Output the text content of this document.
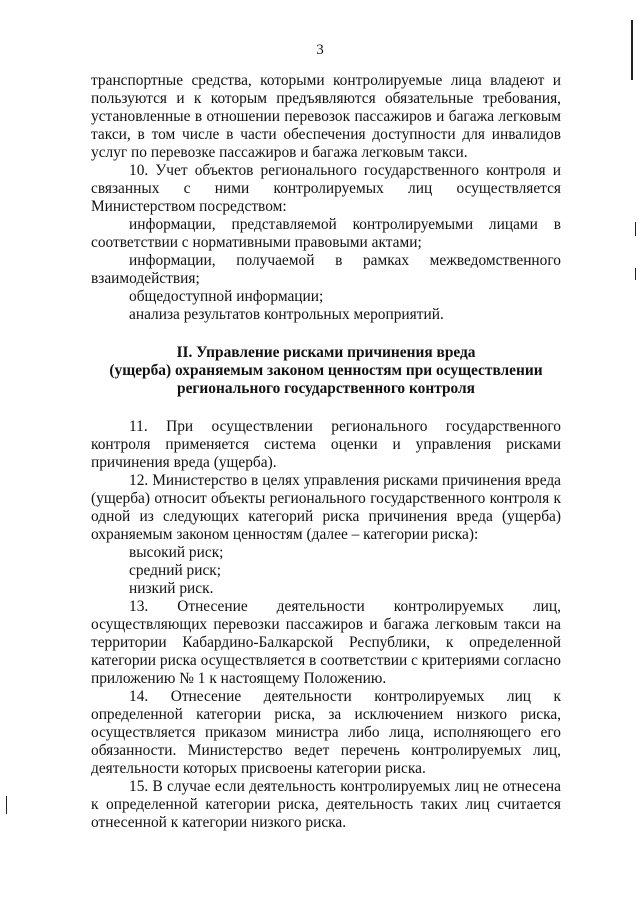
3

транспортные средства, которыми контролируемые лица владеют и пользуются и к которым предъявляются обязательные требования, установленные в отношении перевозок пассажиров и багажа легковым такси, в том числе в части обеспечения доступности для инвалидов услуг по перевозке пассажиров и багажа легковым такси.

10. Учет объектов регионального государственного контроля и связанных с ними контролируемых лиц осуществляется Министерством посредством:

информации, представляемой контролируемыми лицами в соответствии с нормативными правовыми актами;

информации, получаемой в рамках межведомственного взаимодействия;

общедоступной информации;

анализа результатов контрольных мероприятий.

II. Управление рисками причинения вреда
(ущерба) охраняемым законом ценностям при осуществлении
регионального государственного контроля

11. При осуществлении регионального государственного контроля применяется система оценки и управления рисками причинения вреда (ущерба).

12. Министерство в целях управления рисками причинения вреда (ущерба) относит объекты регионального государственного контроля к одной из следующих категорий риска причинения вреда (ущерба) охраняемым законом ценностям (далее – категории риска):

высокий риск;

средний риск;

низкий риск.

13. Отнесение деятельности контролируемых лиц, осуществляющих перевозки пассажиров и багажа легковым такси на территории Кабардино-Балкарской Республики, к определенной категории риска осуществляется в соответствии с критериями согласно приложению № 1 к настоящему Положению.

14. Отнесение деятельности контролируемых лиц к определенной категории риска, за исключением низкого риска, осуществляется приказом министра либо лица, исполняющего его обязанности. Министерство ведет перечень контролируемых лиц, деятельности которых присвоены категории риска.

15. В случае если деятельность контролируемых лиц не отнесена к определенной категории риска, деятельность таких лиц считается отнесенной к категории низкого риска.
